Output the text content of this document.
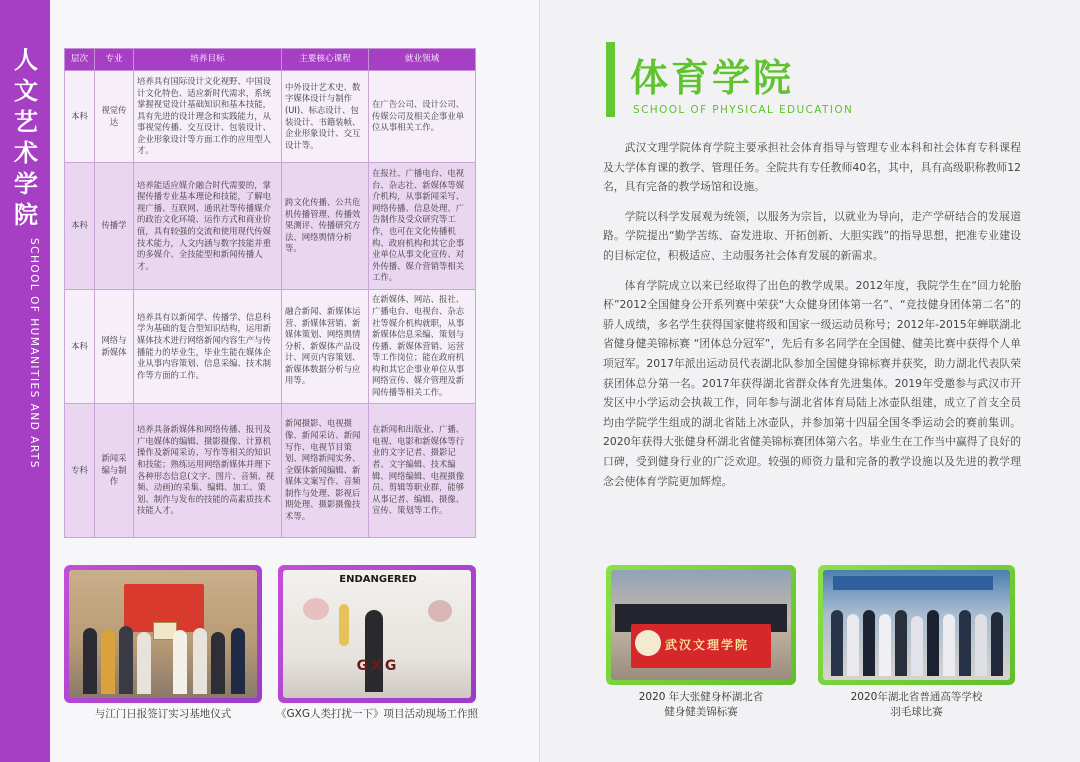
人
文
艺
术
学
院
SCHOOL OF HUMANITIES AND ARTS
层次	专业	培养目标	主要核心课程	就业领域
本科	视觉传达	培养具有国际设计文化视野、中国设计文化特色、适应新时代需求，系统掌握视觉设计基础知识和基本技能，具有先进的设计理念和实践能力，从事视觉传播、交互设计、包装设计、企业形象设计等方面工作的应用型人才。	中外设计艺术史、数字媒体设计与制作(UI)、标志设计、包装设计、书籍装帧、企业形象设计、交互设计等。	在广告公司、设计公司、传媒公司及相关企事业单位从事相关工作。
本科	传播学	培养能适应媒介融合时代需要的，掌握传播专业基本理论和技能，了解电视广播、互联网、通讯社等传播媒介的政治文化环境、运作方式和商业价值，具有较强的交流和使用现代传媒技术能力，人文内涵与数字技能并重的多媒介、全技能型和新闻传播人才。	跨文化传播、公共危机传播管理、传播效果测评、传播研究方法、网络舆情分析等。	在报社、广播电台、电视台、杂志社、新媒体等媒介机构，从事新闻采写、网络传播、信息处理、广告制作及受众研究等工作，也可在文化传播机构、政府机构和其它企事业单位从事文化宣传、对外传播、媒介营销等相关工作。
本科	网络与新媒体	培养具有以新闻学、传播学、信息科学为基础的复合型知识结构，运用新媒体技术进行网络新闻内容生产与传播能力的毕业生，毕业生能在媒体企业从事内容策划、信息采编、技术制作等方面的工作。	融合新闻、新媒体运营、新媒体营销、新媒体策划、网络舆情分析、新媒体产品设计、网页内容策划、新媒体数据分析与应用等。	在新媒体、网站、报社、广播电台、电视台、杂志社等媒介机构就职，从事新媒体信息采编、策划与传播、新媒体营销、运营等工作岗位；能在政府机构和其它企事业单位从事网络宣传、媒介管理及新闻传播等相关工作。
专科	新闻采编与制作	培养具备新媒体和网络传播、报刊及广电媒体的编辑、摄影摄像、计算机操作及新闻采访、写作等相关的知识和技能；熟练运用网络新媒体并理下各种形态信息(文字、图片、音频、视频、动画)的采集、编辑、加工、策划、制作与发布的技能的高素质技术技能人才。	新闻摄影、电视摄像、新闻采访、新闻写作、电视节目策划、网络新闻实务、全媒体新闻编辑、新媒体文案写作、音频制作与处理、影视后期处理、摄影摄像技术等。	在新闻和出版业、广播、电视、电影和新媒体等行业的文字记者、摄影记者、文字编辑、技术编辑、网络编辑、电视摄像员、剪辑等职业群，能够从事记者、编辑、摄像、宣传、策划等工作。
与江门日报签订实习基地仪式
ENDANGERED
GXG
《GXG人类打扰一下》项目活动现场工作照
体育学院
SCHOOL OF PHYSICAL EDUCATION

武汉文理学院体育学院主要承担社会体育指导与管理专业本科和社会体育专科课程及大学体育课的教学、管理任务。全院共有专任教师40名，其中，具有高级职称教师12名，具有完备的教学场馆和设施。

学院以科学发展观为统领，以服务为宗旨，以就业为导向，走产学研结合的发展道路。学院提出“勤学苦练、奋发进取、开拓创新、大胆实践”的指导思想，把准专业建设的目标定位，积极适应、主动服务社会体育发展的新需求。

体育学院成立以来已经取得了出色的教学成果。2012年度，我院学生在“回力轮胎杯”2012全国健身公开系列赛中荣获“大众健身团体第一名”、“竞技健身团体第二名”的骄人成绩，多名学生获得国家健将级和国家一级运动员称号；2012年-2015年蝉联湖北省健身健美锦标赛 “团体总分冠军”，先后有多名同学在全国健、健美比赛中获得个人单项冠军。2017年派出运动员代表湖北队参加全国健身锦标赛并获奖，助力湖北代表队荣获团体总分第一名。2017年获得湖北省群众体育先进集体。2019年受邀参与武汉市开发区中小学运动会执裁工作，同年参与湖北省体育局陆上冰壶队组建，成立了首支全员均由学院学生组成的湖北省陆上冰壶队，并参加第十四届全国冬季运动会的赛前集训。2020年获得大张健身杯湖北省健美锦标赛团体第六名。毕业生在工作当中赢得了良好的口碑，受到健身行业的广泛欢迎。较强的师资力量和完备的教学设施以及先进的教学理念会使体育学院更加辉煌。

武汉文理学院
2020 年大张健身杯湖北省
健身健美锦标赛
2020年湖北省普通高等学校
羽毛球比赛
